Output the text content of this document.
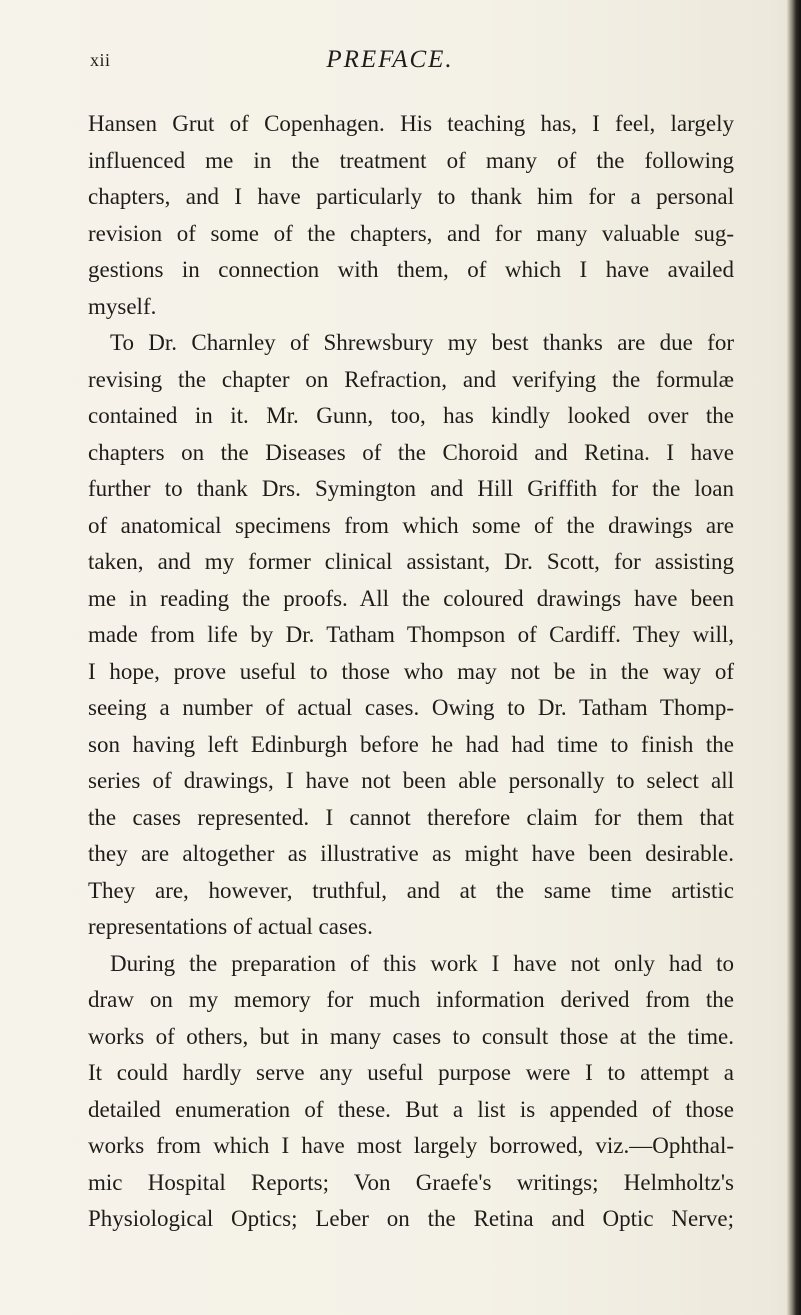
xii	PREFACE.
Hansen Grut of Copenhagen. His teaching has, I feel, largely
influenced me in the treatment of many of the following
chapters, and I have particularly to thank him for a personal
revision of some of the chapters, and for many valuable sug-
gestions in connection with them, of which I have availed
myself.
To Dr. Charnley of Shrewsbury my best thanks are due for
revising the chapter on Refraction, and verifying the formulæ
contained in it. Mr. Gunn, too, has kindly looked over the
chapters on the Diseases of the Choroid and Retina. I have
further to thank Drs. Symington and Hill Griffith for the loan
of anatomical specimens from which some of the drawings are
taken, and my former clinical assistant, Dr. Scott, for assisting
me in reading the proofs. All the coloured drawings have been
made from life by Dr. Tatham Thompson of Cardiff. They will,
I hope, prove useful to those who may not be in the way of
seeing a number of actual cases. Owing to Dr. Tatham Thomp-
son having left Edinburgh before he had had time to finish the
series of drawings, I have not been able personally to select all
the cases represented. I cannot therefore claim for them that
they are altogether as illustrative as might have been desirable.
They are, however, truthful, and at the same time artistic
representations of actual cases.
During the preparation of this work I have not only had to
draw on my memory for much information derived from the
works of others, but in many cases to consult those at the time.
It could hardly serve any useful purpose were I to attempt a
detailed enumeration of these. But a list is appended of those
works from which I have most largely borrowed, viz.—Ophthal-
mic Hospital Reports; Von Graefe's writings; Helmholtz's
Physiological Optics; Leber on the Retina and Optic Nerve;
